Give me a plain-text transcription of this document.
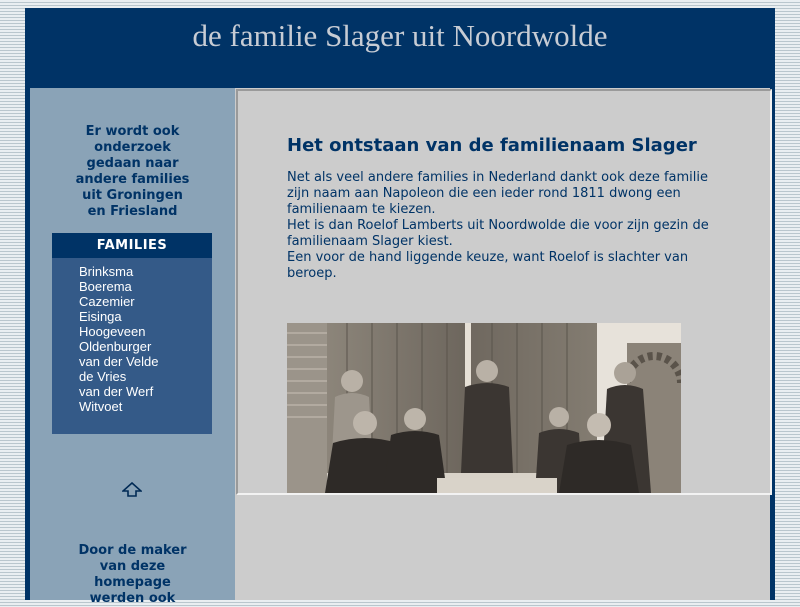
de familie Slager uit Noordwolde
Er wordt ook
onderzoek
gedaan naar
andere families
uit Groningen
en Friesland
FAMILIES
Brinksma
Boerema
Cazemier
Eisinga
Hoogeveen
Oldenburger
van der Velde
de Vries
van der Werf
Witvoet
Door de maker
van deze
homepage
werden ook
Het ontstaan van de familienaam Slager

Net als veel andere families in Nederland dankt ook deze familie

zijn naam aan Napoleon die een ieder rond 1811 dwong een

familienaam te kiezen.

Het is dan Roelof Lamberts uit Noordwolde die voor zijn gezin de

familienaam Slager kiest.

Een voor de hand liggende keuze, want Roelof is slachter van

beroep.
